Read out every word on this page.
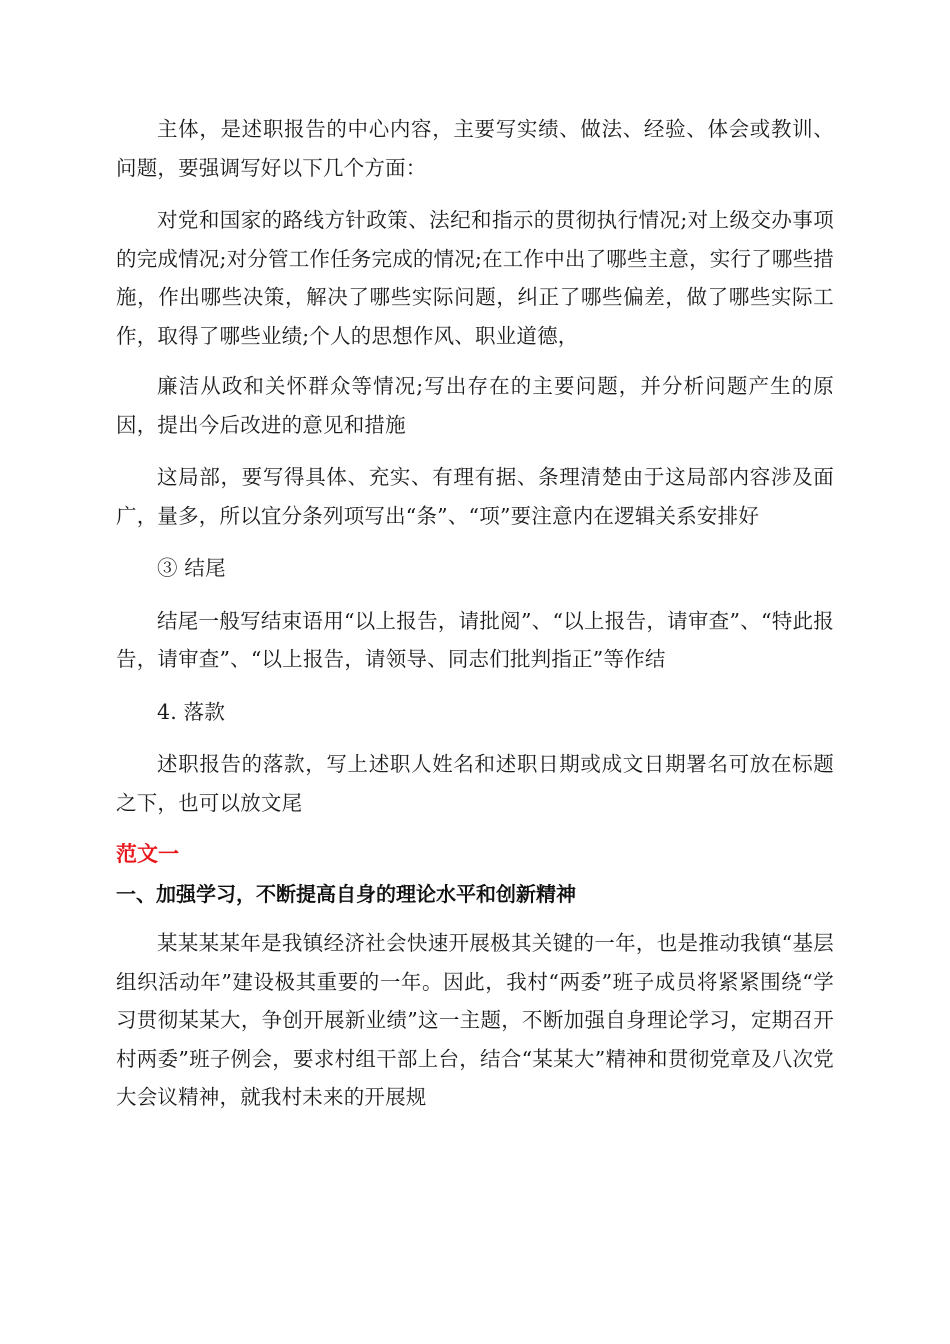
主体，是述职报告的中心内容，主要写实绩、做法、经验、体会或教训、问题，要强调写好以下几个方面：

对党和国家的路线方针政策、法纪和指示的贯彻执行情况;对上级交办事项的完成情况;对分管工作任务完成的情况;在工作中出了哪些主意，实行了哪些措施，作出哪些决策，解决了哪些实际问题，纠正了哪些偏差，做了哪些实际工作，取得了哪些业绩;个人的思想作风、职业道德，

廉洁从政和关怀群众等情况;写出存在的主要问题，并分析问题产生的原因，提出今后改进的意见和措施

这局部，要写得具体、充实、有理有据、条理清楚由于这局部内容涉及面广，量多，所以宜分条列项写出“条”、“项”要注意内在逻辑关系安排好

③ 结尾

结尾一般写结束语用“以上报告，请批阅”、“以上报告，请审查”、“特此报告，请审查”、“以上报告，请领导、同志们批判指正”等作结

4. 落款

述职报告的落款，写上述职人姓名和述职日期或成文日期署名可放在标题之下，也可以放文尾

范文一
一、加强学习，不断提高自身的理论水平和创新精神

某某某某年是我镇经济社会快速开展极其关键的一年，也是推动我镇“基层组织活动年”建设极其重要的一年。因此，我村“两委”班子成员将紧紧围绕“学习贯彻某某大，争创开展新业绩”这一主题，不断加强自身理论学习，定期召开村两委”班子例会，要求村组干部上台，结合“某某大”精神和贯彻党章及八次党大会议精神，就我村未来的开展规
